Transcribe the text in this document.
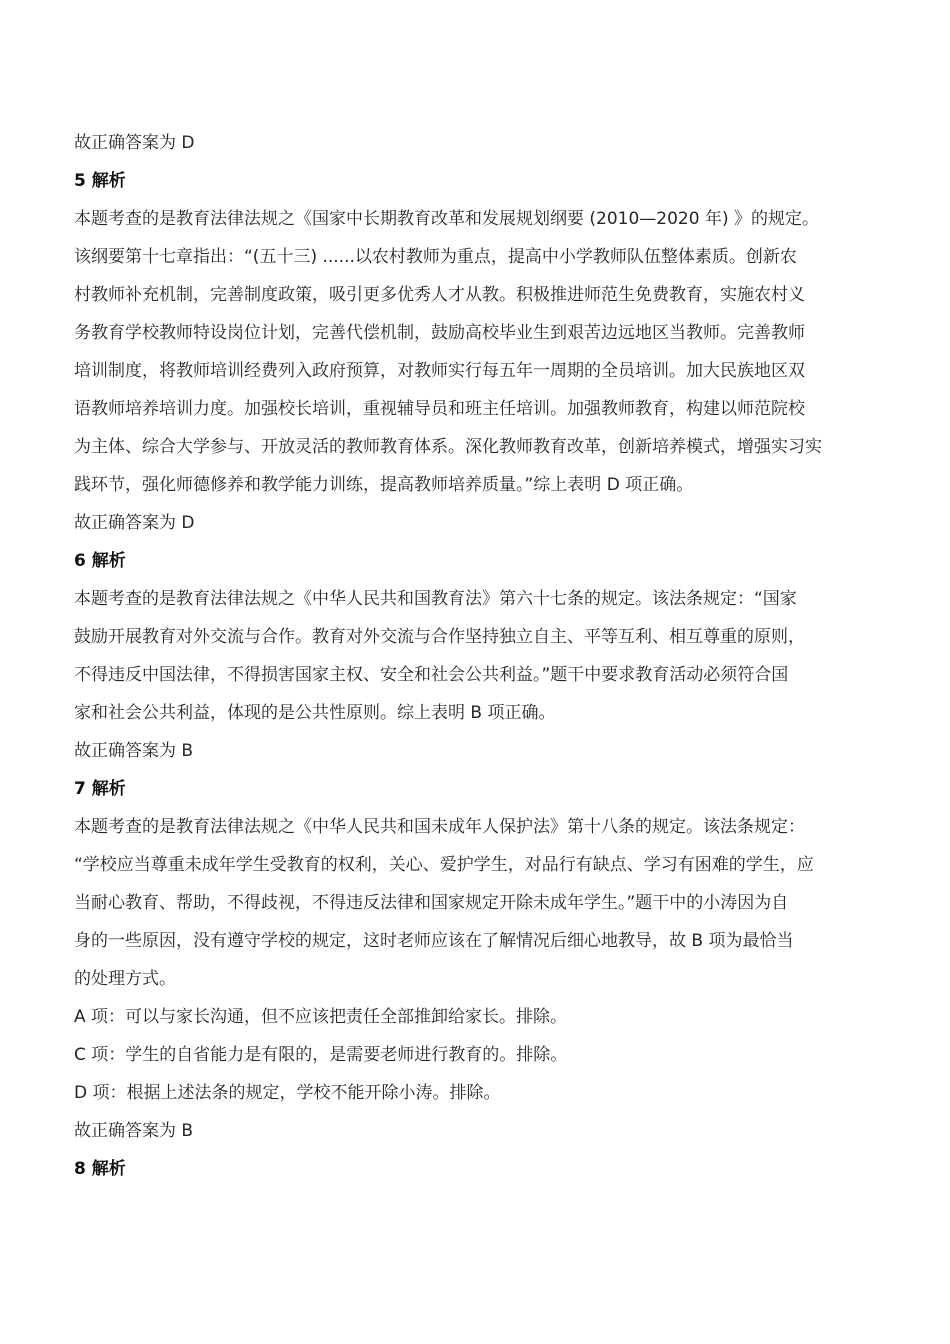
故正确答案为 D
5 解析
本题考查的是教育法律法规之《国家中长期教育改革和发展规划纲要 (2010—2020 年) 》的规定。
该纲要第十七章指出：“(五十三) ......以农村教师为重点，提高中小学教师队伍整体素质。创新农
村教师补充机制，完善制度政策，吸引更多优秀人才从教。积极推进师范生免费教育，实施农村义
务教育学校教师特设岗位计划，完善代偿机制，鼓励高校毕业生到艰苦边远地区当教师。完善教师
培训制度，将教师培训经费列入政府预算，对教师实行每五年一周期的全员培训。加大民族地区双
语教师培养培训力度。加强校长培训，重视辅导员和班主任培训。加强教师教育，构建以师范院校
为主体、综合大学参与、开放灵活的教师教育体系。深化教师教育改革，创新培养模式，增强实习实
践环节，强化师德修养和教学能力训练，提高教师培养质量。”综上表明 D 项正确。
故正确答案为 D
6 解析
本题考查的是教育法律法规之《中华人民共和国教育法》第六十七条的规定。该法条规定：“国家
鼓励开展教育对外交流与合作。教育对外交流与合作坚持独立自主、平等互利、相互尊重的原则，
不得违反中国法律，不得损害国家主权、安全和社会公共利益。”题干中要求教育活动必须符合国
家和社会公共利益，体现的是公共性原则。综上表明 B 项正确。
故正确答案为 B
7 解析
本题考查的是教育法律法规之《中华人民共和国未成年人保护法》第十八条的规定。该法条规定：
“学校应当尊重未成年学生受教育的权利，关心、爱护学生，对品行有缺点、学习有困难的学生，应
当耐心教育、帮助，不得歧视，不得违反法律和国家规定开除未成年学生。”题干中的小涛因为自
身的一些原因，没有遵守学校的规定，这时老师应该在了解情况后细心地教导，故 B 项为最恰当
的处理方式。
A 项：可以与家长沟通，但不应该把责任全部推卸给家长。排除。
C 项：学生的自省能力是有限的，是需要老师进行教育的。排除。
D 项：根据上述法条的规定，学校不能开除小涛。排除。
故正确答案为 B
8 解析
